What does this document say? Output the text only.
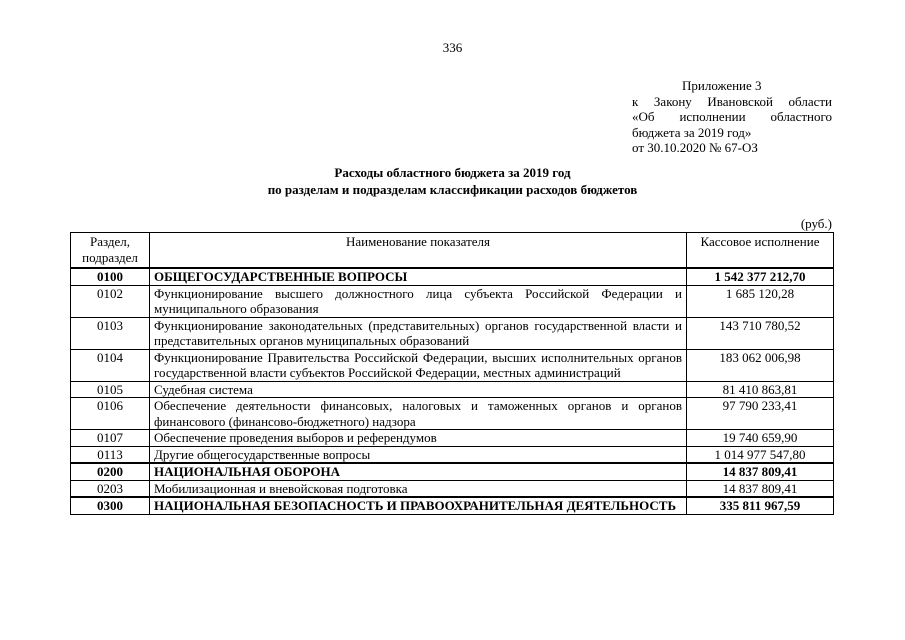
336
Приложение 3
к Закону Ивановской области
«Об исполнении областного
бюджета за 2019 год»
от 30.10.2020 № 67-ОЗ
Расходы областного бюджета за 2019 год
по разделам и подразделам классификации расходов бюджетов
(руб.)
Раздел, подраздел	Наименование показателя	Кассовое исполнение
0100	ОБЩЕГОСУДАРСТВЕННЫЕ ВОПРОСЫ	1 542 377 212,70
0102	Функционирование высшего должностного лица субъекта Российской Федерации и муниципального образования	1 685 120,28
0103	Функционирование законодательных (представительных) органов государственной власти и представительных органов муниципальных образований	143 710 780,52
0104	Функционирование Правительства Российской Федерации, высших исполнительных органов государственной власти субъектов Российской Федерации, местных администраций	183 062 006,98
0105	Судебная система	81 410 863,81
0106	Обеспечение деятельности финансовых, налоговых и таможенных органов и органов финансового (финансово-бюджетного) надзора	97 790 233,41
0107	Обеспечение проведения выборов и референдумов	19 740 659,90
0113	Другие общегосударственные вопросы	1 014 977 547,80
0200	НАЦИОНАЛЬНАЯ ОБОРОНА	14 837 809,41
0203	Мобилизационная и вневойсковая подготовка	14 837 809,41
0300	НАЦИОНАЛЬНАЯ БЕЗОПАСНОСТЬ И ПРАВООХРАНИТЕЛЬНАЯ ДЕЯТЕЛЬНОСТЬ	335 811 967,59
